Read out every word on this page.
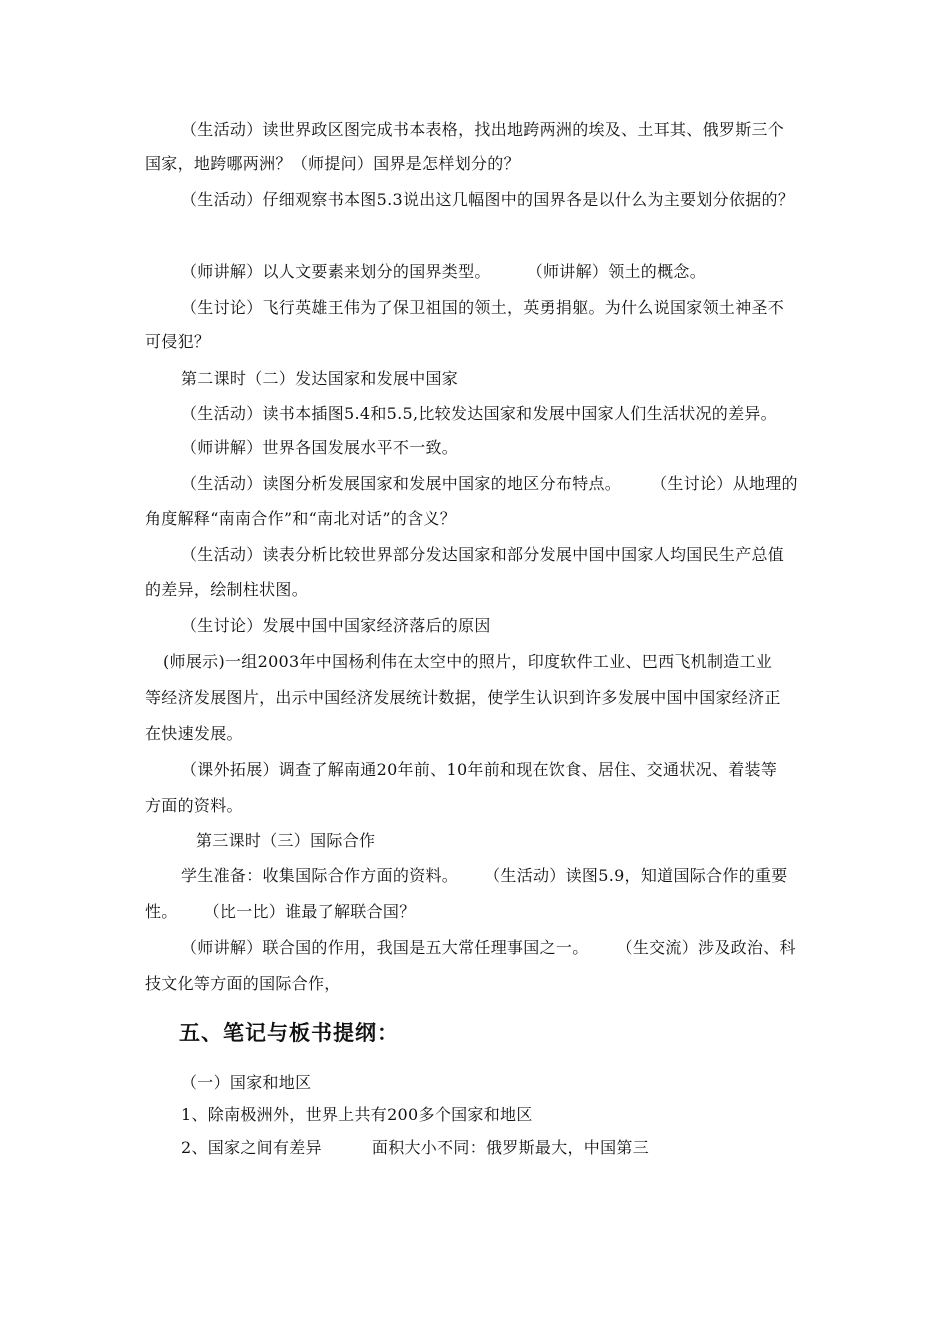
（生活动）读世界政区图完成书本表格，找出地跨两洲的埃及、土耳其、俄罗斯三个
国家，地跨哪两洲？（师提问）国界是怎样划分的？
（生活动）仔细观察书本图5.3说出这几幅图中的国界各是以什么为主要划分依据的？
（师讲解）以人文要素来划分的国界类型。 （师讲解）领土的概念。
（生讨论）飞行英雄王伟为了保卫祖国的领土，英勇捐躯。为什么说国家领土神圣不
可侵犯？
第二课时（二）发达国家和发展中国家
（生活动）读书本插图5.4和5.5,比较发达国家和发展中国家人们生活状况的差异。
（师讲解）世界各国发展水平不一致。
（生活动）读图分析发展国家和发展中国家的地区分布特点。 （生讨论）从地理的
角度解释“南南合作”和“南北对话”的含义？
（生活动）读表分析比较世界部分发达国家和部分发展中国中国家人均国民生产总值
的差异，绘制柱状图。
（生讨论）发展中国中国家经济落后的原因
(师展示)一组2003年中国杨利伟在太空中的照片，印度软件工业、巴西飞机制造工业
等经济发展图片，出示中国经济发展统计数据，使学生认识到许多发展中国中国家经济正
在快速发展。
（课外拓展）调查了解南通20年前、10年前和现在饮食、居住、交通状况、着装等
方面的资料。
第三课时（三）国际合作
学生准备：收集国际合作方面的资料。 （生活动）读图5.9，知道国际合作的重要
性。 （比一比）谁最了解联合国？
（师讲解）联合国的作用，我国是五大常任理事国之一。 （生交流）涉及政治、科
技文化等方面的国际合作，
五、笔记与板书提纲：
（一）国家和地区
1、除南极洲外，世界上共有200多个国家和地区
2、国家之间有差异	面积大小不同：俄罗斯最大，中国第三
